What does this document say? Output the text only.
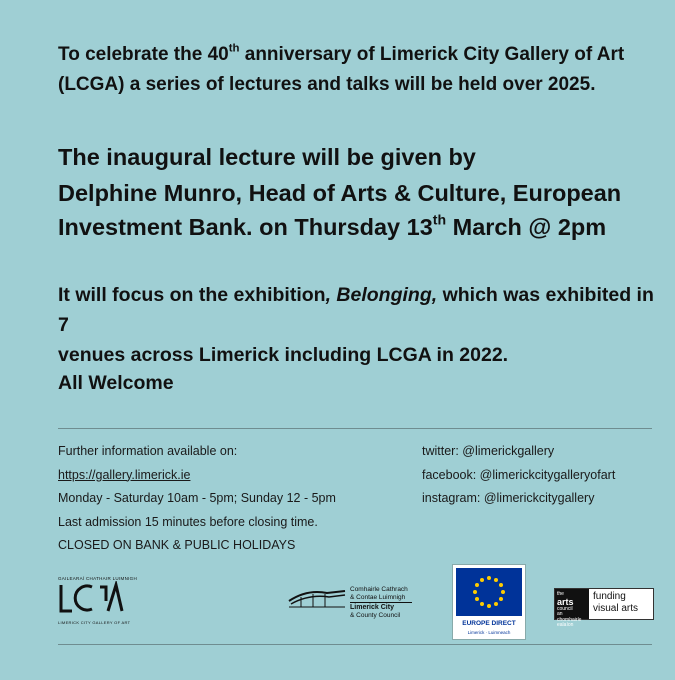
To celebrate the 40th anniversary of Limerick City Gallery of Art
(LCGA) a series of lectures and talks will be held over 2025.
The inaugural lecture will be given by
Delphine Munro, Head of Arts & Culture, European
Investment Bank. on Thursday 13th March @ 2pm
It will focus on the exhibition, Belonging, which was exhibited in 7
venues across Limerick including LCGA in 2022.
All Welcome
Further information available on:
https://gallery.limerick.ie
Monday - Saturday 10am - 5pm; Sunday 12 - 5pm
Last admission 15 minutes before closing time.
CLOSED ON BANK & PUBLIC HOLIDAYS
twitter: @limerickgallery
facebook: @limerickcitygalleryofart
instagram: @limerickcitygallery
GAILEARAÍ CHATHAIR LUIMNIGH
LIMERICK CITY GALLERY OF ART
Comhairle Cathrach
& Contae Luimnigh
Limerick City
& County Council
EUROPE DIRECT
Limerick · Luimneach
the
arts
council
an chomhairle
ealaíon
funding
visual arts
